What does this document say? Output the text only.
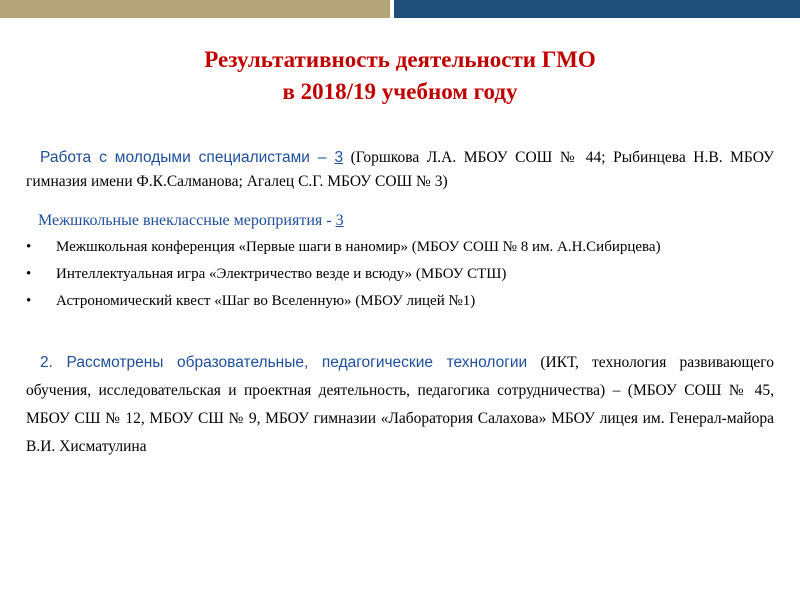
Результативность деятельности ГМО
в 2018/19 учебном году
Работа с молодыми специалистами – 3 (Горшкова Л.А. МБОУ СОШ № 44; Рыбинцева Н.В. МБОУ гимназия имени Ф.К.Салманова; Агалец С.Г. МБОУ СОШ № 3)
Межшкольные внеклассные мероприятия - 3
• Межшкольная конференция «Первые шаги в наномир» (МБОУ СОШ № 8 им. А.Н.Сибирцева)
• Интеллектуальная игра «Электричество везде и всюду» (МБОУ СТШ)
• Астрономический квест «Шаг во Вселенную» (МБОУ лицей №1)
2. Рассмотрены образовательные, педагогические технологии (ИКТ, технология развивающего обучения, исследовательская и проектная деятельность, педагогика сотрудничества) – (МБОУ СОШ № 45, МБОУ СШ № 12, МБОУ СШ № 9, МБОУ гимназии «Лаборатория Салахова» МБОУ лицея им. Генерал-майора В.И. Хисматулина
